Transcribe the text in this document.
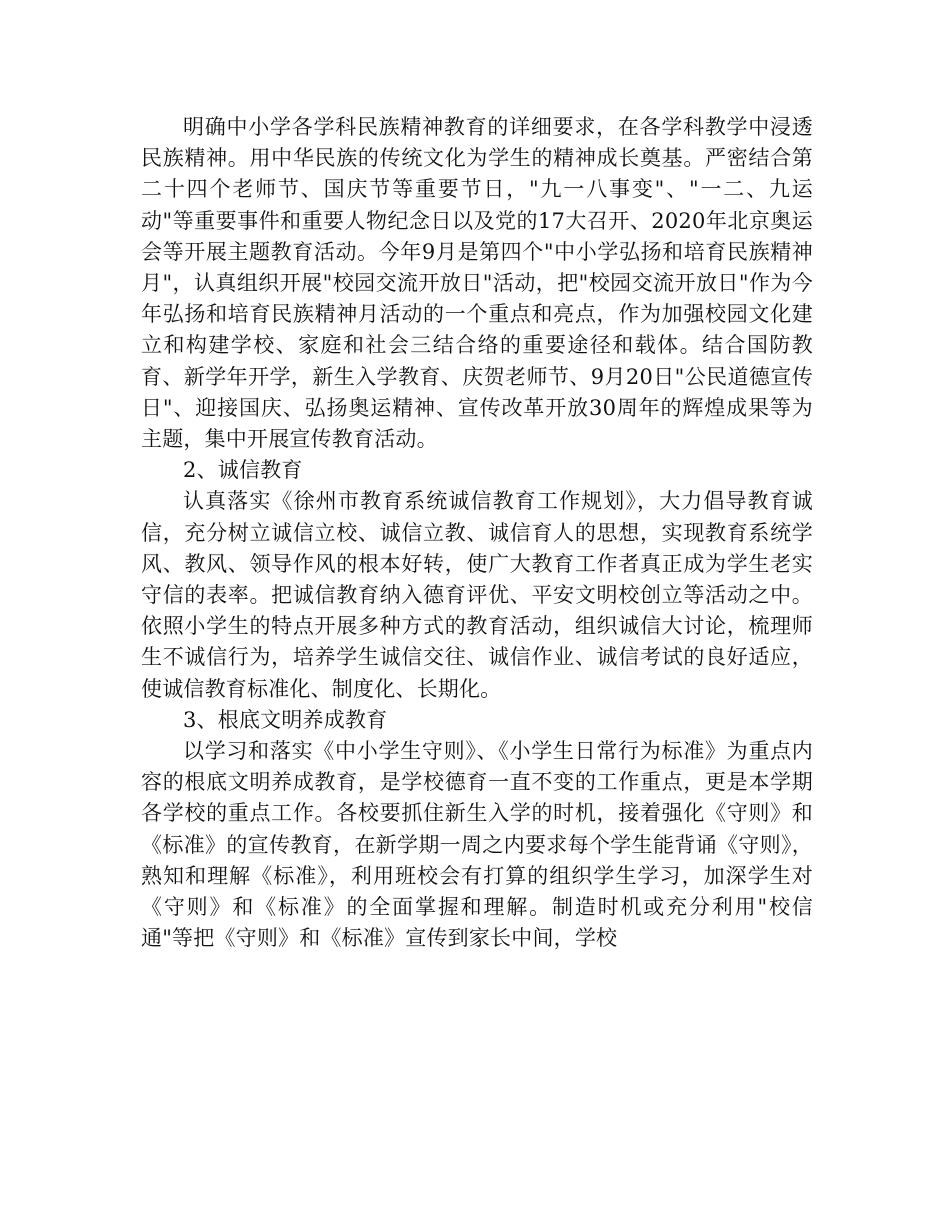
明确中小学各学科民族精神教育的详细要求，在各学科教学中浸透民族精神。用中华民族的传统文化为学生的精神成长奠基。严密结合第二十四个老师节、国庆节等重要节日，"九一八事变"、"一二、九运动"等重要事件和重要人物纪念日以及党的17大召开、2020年北京奥运会等开展主题教育活动。今年9月是第四个"中小学弘扬和培育民族精神月"，认真组织开展"校园交流开放日"活动，把"校园交流开放日"作为今年弘扬和培育民族精神月活动的一个重点和亮点，作为加强校园文化建立和构建学校、家庭和社会三结合络的重要途径和载体。结合国防教育、新学年开学，新生入学教育、庆贺老师节、9月20日"公民道德宣传日"、迎接国庆、弘扬奥运精神、宣传改革开放30周年的辉煌成果等为主题，集中开展宣传教育活动。

2、诚信教育

认真落实《徐州市教育系统诚信教育工作规划》，大力倡导教育诚信，充分树立诚信立校、诚信立教、诚信育人的思想，实现教育系统学风、教风、领导作风的根本好转，使广大教育工作者真正成为学生老实守信的表率。把诚信教育纳入德育评优、平安文明校创立等活动之中。依照小学生的特点开展多种方式的教育活动，组织诚信大讨论，梳理师生不诚信行为，培养学生诚信交往、诚信作业、诚信考试的良好适应，使诚信教育标准化、制度化、长期化。

3、根底文明养成教育

以学习和落实《中小学生守则》、《小学生日常行为标准》为重点内容的根底文明养成教育，是学校德育一直不变的工作重点，更是本学期各学校的重点工作。各校要抓住新生入学的时机，接着强化《守则》和《标准》的宣传教育，在新学期一周之内要求每个学生能背诵《守则》，熟知和理解《标准》，利用班校会有打算的组织学生学习，加深学生对《守则》和《标准》的全面掌握和理解。制造时机或充分利用"校信通"等把《守则》和《标准》宣传到家长中间，学校
